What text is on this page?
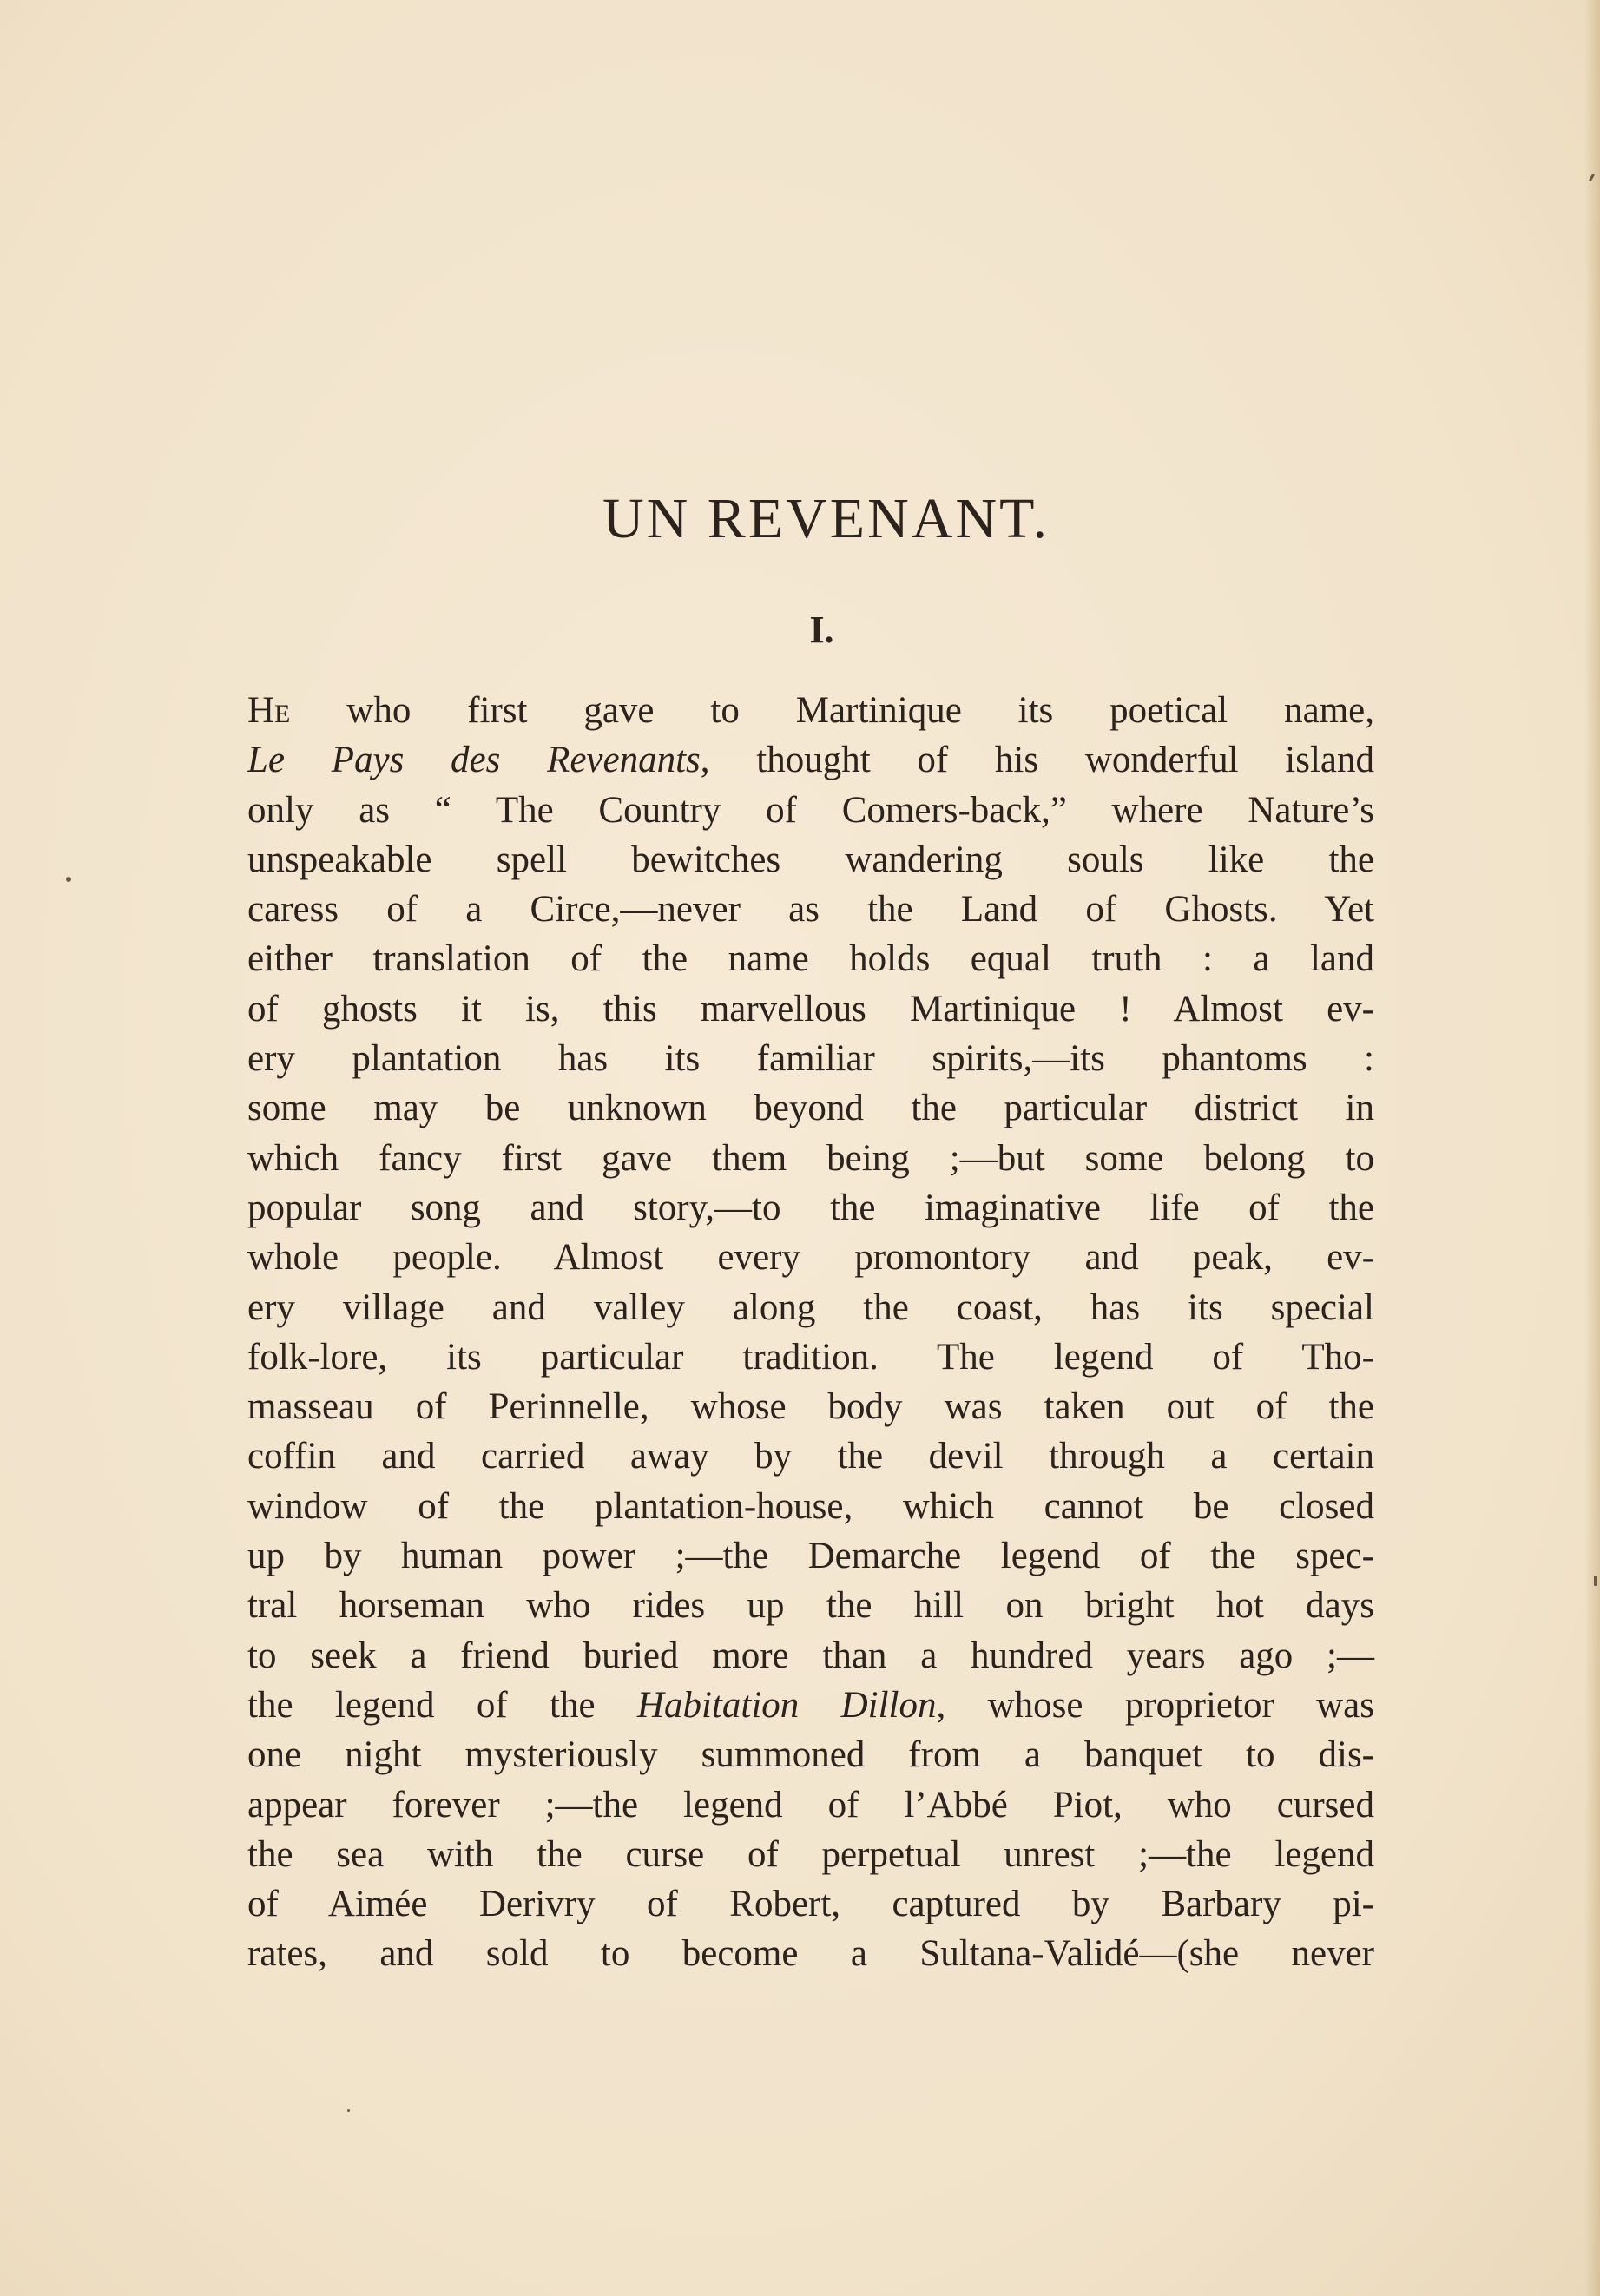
UN REVENANT.
I.
He who first gave to Martinique its poetical name,
Le Pays des Revenants, thought of his wonderful island
only as “ The Country of Comers-back,” where Nature’s
unspeakable spell bewitches wandering souls like the
caress of a Circe,—never as the Land of Ghosts. Yet
either translation of the name holds equal truth : a land
of ghosts it is, this marvellous Martinique ! Almost ev-
ery plantation has its familiar spirits,—its phantoms :
some may be unknown beyond the particular district in
which fancy first gave them being ;—but some belong to
popular song and story,—to the imaginative life of the
whole people. Almost every promontory and peak, ev-
ery village and valley along the coast, has its special
folk-lore, its particular tradition. The legend of Tho-
masseau of Perinnelle, whose body was taken out of the
coffin and carried away by the devil through a certain
window of the plantation-house, which cannot be closed
up by human power ;—the Demarche legend of the spec-
tral horseman who rides up the hill on bright hot days
to seek a friend buried more than a hundred years ago ;—
the legend of the Habitation Dillon, whose proprietor was
one night mysteriously summoned from a banquet to dis-
appear forever ;—the legend of l’Abbé Piot, who cursed
the sea with the curse of perpetual unrest ;—the legend
of Aimée Derivry of Robert, captured by Barbary pi-
rates, and sold to become a Sultana-Validé—(she never
